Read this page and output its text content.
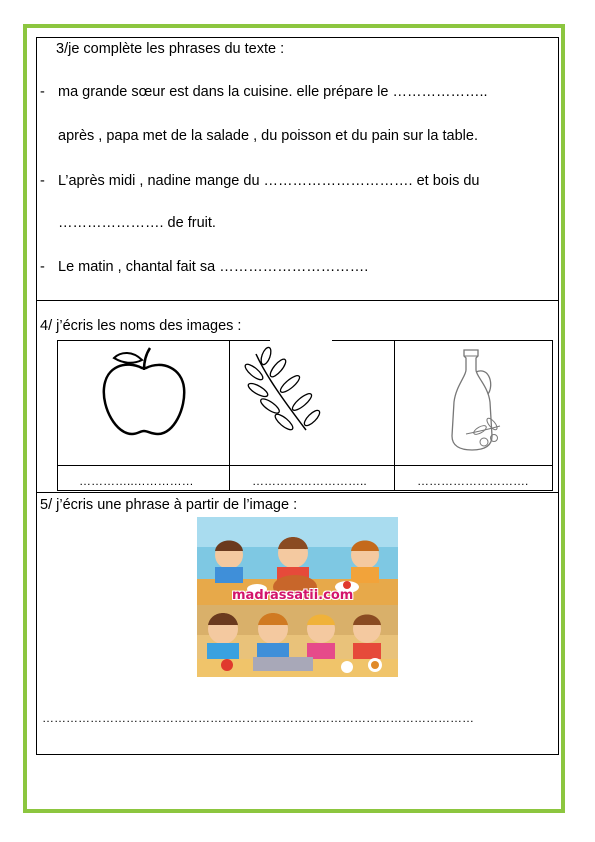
3/je complète les phrases du texte :
- ma grande sœur est dans la cuisine. elle prépare le ………………..
après , papa met de la salade , du poisson et du pain sur la table.
- L’après midi , nadine mange du …………………………. et bois du
…………………. de fruit.
- Le matin , chantal fait sa ………………………….
4/ j’écris les noms des images :
…………..……………	………………………..	……………………….
5/ j’écris une phrase à partir de l’image :
madrassatii.com
………………………………………………………………………………………………
